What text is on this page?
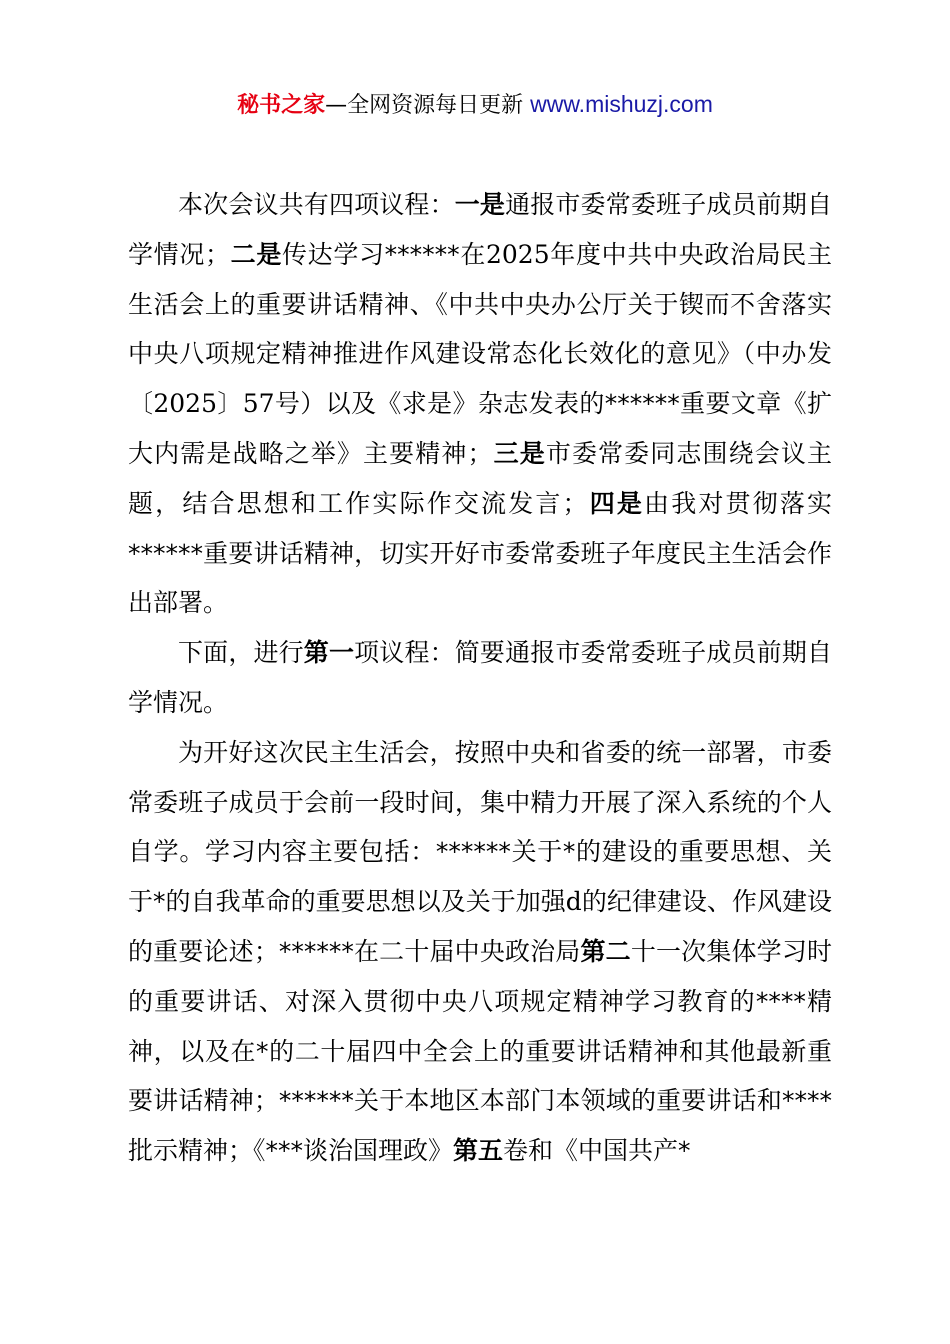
秘书之家—全网资源每日更新 www.mishuzj.com

本次会议共有四项议程：一是通报市委常委班子成员前期自学情况；二是传达学习******在2025年度中共中央政治局民主生活会上的重要讲话精神、《中共中央办公厅关于锲而不舍落实中央八项规定精神推进作风建设常态化长效化的意见》（中办发〔2025〕57号）以及《求是》杂志发表的******重要文章《扩大内需是战略之举》主要精神；三是市委常委同志围绕会议主题，结合思想和工作实际作交流发言；四是由我对贯彻落实******重要讲话精神，切实开好市委常委班子年度民主生活会作出部署。

下面，进行第一项议程：简要通报市委常委班子成员前期自学情况。

为开好这次民主生活会，按照中央和省委的统一部署，市委常委班子成员于会前一段时间，集中精力开展了深入系统的个人自学。学习内容主要包括：******关于*的建设的重要思想、关于*的自我革命的重要思想以及关于加强d的纪律建设、作风建设的重要论述；******在二十届中央政治局第二十一次集体学习时的重要讲话、对深入贯彻中央八项规定精神学习教育的****精神，以及在*的二十届四中全会上的重要讲话精神和其他最新重要讲话精神；******关于本地区本部门本领域的重要讲话和****批示精神；《***谈治国理政》第五卷和《中国共产*
